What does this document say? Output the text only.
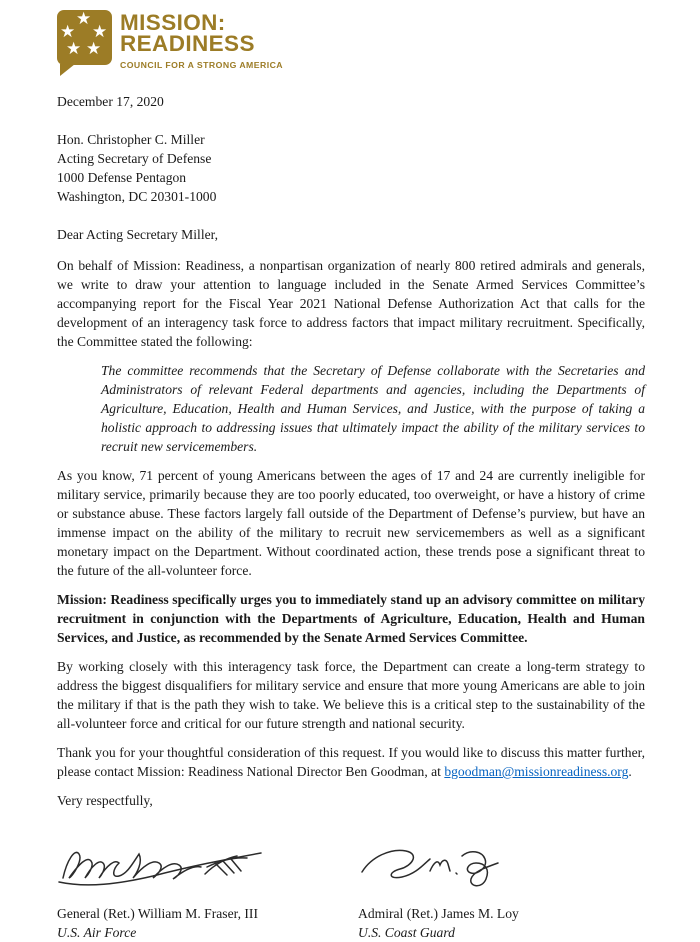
★
★ ★
★ ★
MISSION:
READINESS
COUNCIL FOR A STRONG AMERICA
December 17, 2020
Hon. Christopher C. Miller
Acting Secretary of Defense
1000 Defense Pentagon
Washington, DC 20301-1000
Dear Acting Secretary Miller,

On behalf of Mission: Readiness, a nonpartisan organization of nearly 800 retired admirals and generals, we write to draw your attention to language included in the Senate Armed Services Committee’s accompanying report for the Fiscal Year 2021 National Defense Authorization Act that calls for the development of an interagency task force to address factors that impact military recruitment. Specifically, the Committee stated the following:

The committee recommends that the Secretary of Defense collaborate with the Secretaries and Administrators of relevant Federal departments and agencies, including the Departments of Agriculture, Education, Health and Human Services, and Justice, with the purpose of taking a holistic approach to addressing issues that ultimately impact the ability of the military services to recruit new servicemembers.

As you know, 71 percent of young Americans between the ages of 17 and 24 are currently ineligible for military service, primarily because they are too poorly educated, too overweight, or have a history of crime or substance abuse. These factors largely fall outside of the Department of Defense’s purview, but have an immense impact on the ability of the military to recruit new servicemembers as well as a significant monetary impact on the Department. Without coordinated action, these trends pose a significant threat to the future of the all-volunteer force.

Mission: Readiness specifically urges you to immediately stand up an advisory committee on military recruitment in conjunction with the Departments of Agriculture, Education, Health and Human Services, and Justice, as recommended by the Senate Armed Services Committee.

By working closely with this interagency task force, the Department can create a long-term strategy to address the biggest disqualifiers for military service and ensure that more young Americans are able to join the military if that is the path they wish to take. We believe this is a critical step to the sustainability of the all-volunteer force and critical for our future strength and national security.

Thank you for your thoughtful consideration of this request. If you would like to discuss this matter further, please contact Mission: Readiness National Director Ben Goodman, at bgoodman@missionreadiness.org.

Very respectfully,

General (Ret.) William M. Fraser, III

U.S. Air Force

Admiral (Ret.) James M. Loy

U.S. Coast Guard
